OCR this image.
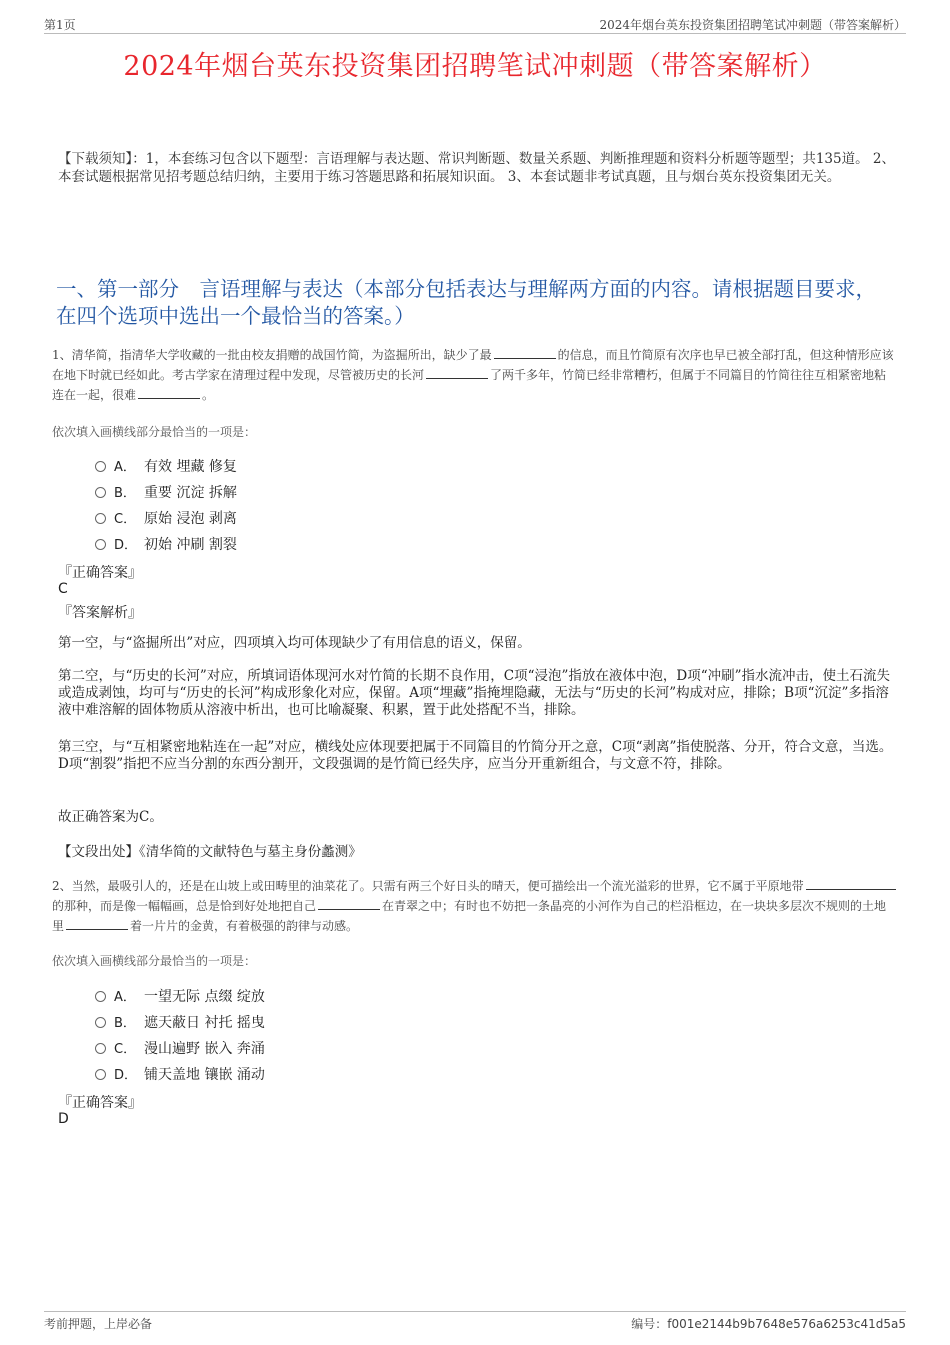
第1页	2024年烟台英东投资集团招聘笔试冲刺题（带答案解析）
2024年烟台英东投资集团招聘笔试冲刺题（带答案解析）
【下载须知】：1，本套练习包含以下题型：言语理解与表达题、常识判断题、数量关系题、判断推理题和资料分析题等题型；共135道。 2、本套试题根据常见招考题总结归纳，主要用于练习答题思路和拓展知识面。 3、本套试题非考试真题，且与烟台英东投资集团无关。
一、第一部分　言语理解与表达（本部分包括表达与理解两方面的内容。请根据题目要求，在四个选项中选出一个最恰当的答案。）
1、清华简，指清华大学收藏的一批由校友捐赠的战国竹简，为盗掘所出，缺少了最	的信息，而且竹简原有次序也早已被全部打乱，但这种情形应该在地下时就已经如此。考古学家在清理过程中发现，尽管被历史的长河	了两千多年，竹简已经非常糟朽，但属于不同篇目的竹简往往互相紧密地粘连在一起，很难	。
依次填入画横线部分最恰当的一项是：
A． 有效 埋藏 修复
B． 重要 沉淀 拆解
C． 原始 浸泡 剥离
D． 初始 冲刷 割裂
『正确答案』
C
『答案解析』
第一空，与“盗掘所出”对应，四项填入均可体现缺少了有用信息的语义，保留。
第二空，与“历史的长河”对应，所填词语体现河水对竹简的长期不良作用，C项“浸泡”指放在液体中泡，D项“冲刷”指水流冲击，使土石流失或造成剥蚀，均可与“历史的长河”构成形象化对应，保留。A项“埋藏”指掩埋隐藏，无法与“历史的长河”构成对应，排除；B项“沉淀”多指溶液中难溶解的固体物质从溶液中析出，也可比喻凝聚、积累，置于此处搭配不当，排除。
第三空，与“互相紧密地粘连在一起”对应，横线处应体现要把属于不同篇目的竹简分开之意，C项“剥离”指使脱落、分开，符合文意，当选。D项“割裂”指把不应当分割的东西分割开，文段强调的是竹简已经失序，应当分开重新组合，与文意不符，排除。
故正确答案为C。
【文段出处】《清华简的文献特色与墓主身份蠡测》
2、当然，最吸引人的，还是在山坡上或田畴里的油菜花了。只需有两三个好日头的晴天，便可描绘出一个流光溢彩的世界，它不属于平原地带的那种，而是像一幅幅画，总是恰到好处地把自己	在青翠之中；有时也不妨把一条晶亮的小河作为自己的栏沿框边，在一块块多层次不规则的土地里	着一片片的金黄，有着极强的韵律与动感。
依次填入画横线部分最恰当的一项是：
A． 一望无际 点缀 绽放
B． 遮天蔽日 衬托 摇曳
C． 漫山遍野 嵌入 奔涌
D． 铺天盖地 镶嵌 涌动
『正确答案』
D
考前押题，上岸必备	编号：f001e2144b9b7648e576a6253c41d5a5
